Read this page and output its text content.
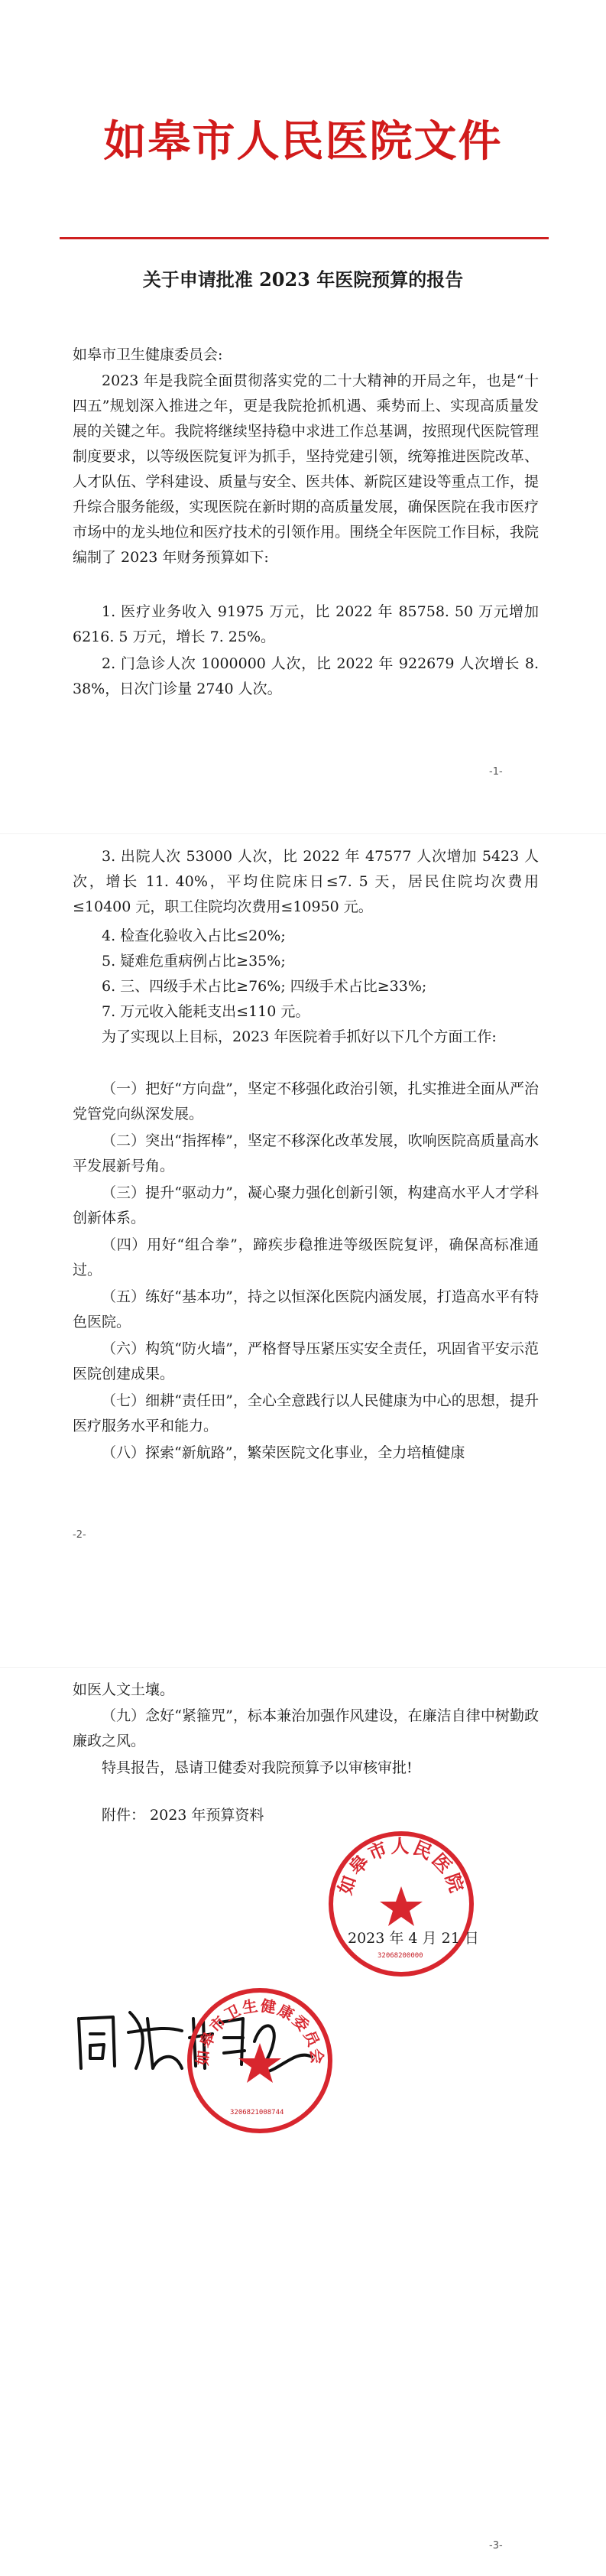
如皋市人民医院文件
关于申请批准 2023 年医院预算的报告

如皋市卫生健康委员会:

2023 年是我院全面贯彻落实党的二十大精神的开局之年，也是“十四五”规划深入推进之年，更是我院抢抓机遇、乘势而上、实现高质量发展的关键之年。我院将继续坚持稳中求进工作总基调，按照现代医院管理制度要求，以等级医院复评为抓手，坚持党建引领，统筹推进医院改革、人才队伍、学科建设、质量与安全、医共体、新院区建设等重点工作，提升综合服务能级，实现医院在新时期的高质量发展，确保医院在我市医疗市场中的龙头地位和医疗技术的引领作用。围绕全年医院工作目标，我院编制了 2023 年财务预算如下:

1. 医疗业务收入 91975 万元，比 2022 年 85758. 50 万元增加 6216. 5 万元，增长 7. 25%。

2. 门急诊人次 1000000 人次，比 2022 年 922679 人次增长 8. 38%，日次门诊量 2740 人次。

-1-

3. 出院人次 53000 人次，比 2022 年 47577 人次增加 5423 人次，增长 11. 40%，平均住院床日≤7. 5 天，居民住院均次费用≤10400 元，职工住院均次费用≤10950 元。

4. 检查化验收入占比≤20%;

5. 疑难危重病例占比≥35%;

6. 三、四级手术占比≥76%; 四级手术占比≥33%;

7. 万元收入能耗支出≤110 元。

为了实现以上目标，2023 年医院着手抓好以下几个方面工作:

（一）把好“方向盘”，坚定不移强化政治引领，扎实推进全面从严治党管党向纵深发展。

（二）突出“指挥棒”，坚定不移深化改革发展，吹响医院高质量高水平发展新号角。

（三）提升“驱动力”，凝心聚力强化创新引领，构建高水平人才学科创新体系。

（四）用好“组合拳”，蹄疾步稳推进等级医院复评，确保高标准通过。

（五）练好“基本功”，持之以恒深化医院内涵发展，打造高水平有特色医院。

（六）构筑“防火墙”，严格督导压紧压实安全责任，巩固省平安示范医院创建成果。

（七）细耕“责任田”，全心全意践行以人民健康为中心的思想，提升医疗服务水平和能力。

（八）探索“新航路”，繁荣医院文化事业，全力培植健康

-2-

如医人文土壤。

（九）念好“紧箍咒”，标本兼治加强作风建设，在廉洁自律中树勤政廉政之风。

特具报告，恳请卫健委对我院预算予以审核审批!

附件： 2023 年预算资料

如皋市人民医院
32068200000
2023 年 4 月 21 日
同意申请
如皋市卫生健康委员会
3206821008744
-3-
